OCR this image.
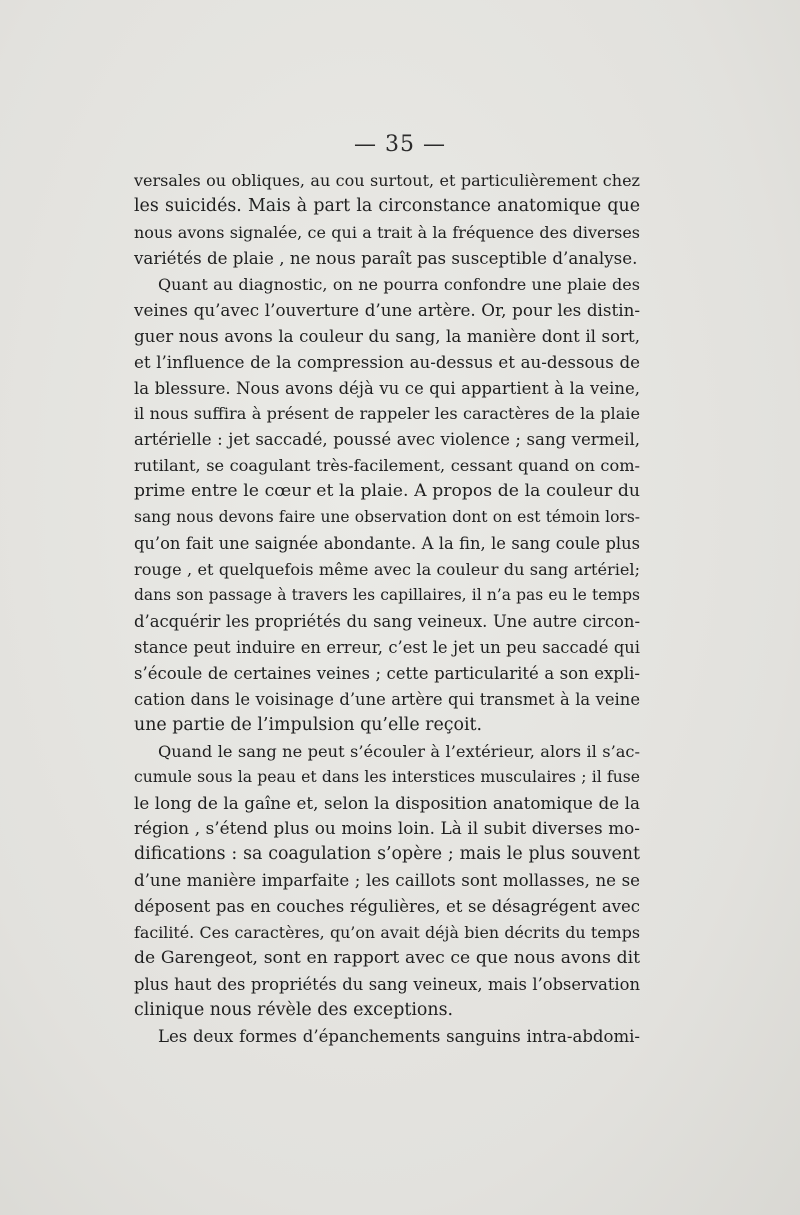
— 35 —
versales ou obliques, au cou surtout, et particulièrement chez
les suicidés. Mais à part la circonstance anatomique que
nous avons signalée, ce qui a trait à la fréquence des diverses
variétés de plaie , ne nous paraît pas susceptible d’analyse.
Quant au diagnostic, on ne pourra confondre une plaie des
veines qu’avec l’ouverture d’une artère. Or, pour les distin-
guer nous avons la couleur du sang, la manière dont il sort,
et l’influence de la compression au-dessus et au-dessous de
la blessure. Nous avons déjà vu ce qui appartient à la veine,
il nous suffira à présent de rappeler les caractères de la plaie
artérielle : jet saccadé, poussé avec violence ; sang vermeil,
rutilant, se coagulant très-facilement, cessant quand on com-
prime entre le cœur et la plaie. A propos de la couleur du
sang nous devons faire une observation dont on est témoin lors-
qu’on fait une saignée abondante. A la fin, le sang coule plus
rouge , et quelquefois même avec la couleur du sang artériel;
dans son passage à travers les capillaires, il n’a pas eu le temps
d’acquérir les propriétés du sang veineux. Une autre circon-
stance peut induire en erreur, c’est le jet un peu saccadé qui
s’écoule de certaines veines ; cette particularité a son expli-
cation dans le voisinage d’une artère qui transmet à la veine
une partie de l’impulsion qu’elle reçoit.
Quand le sang ne peut s’écouler à l’extérieur, alors il s’ac-
cumule sous la peau et dans les interstices musculaires ; il fuse
le long de la gaîne et, selon la disposition anatomique de la
région , s’étend plus ou moins loin. Là il subit diverses mo-
difications : sa coagulation s’opère ; mais le plus souvent
d’une manière imparfaite ; les caillots sont mollasses, ne se
déposent pas en couches régulières, et se désagrégent avec
facilité. Ces caractères, qu’on avait déjà bien décrits du temps
de Garengeot, sont en rapport avec ce que nous avons dit
plus haut des propriétés du sang veineux, mais l’observation
clinique nous révèle des exceptions.
Les deux formes d’épanchements sanguins intra-abdomi-
